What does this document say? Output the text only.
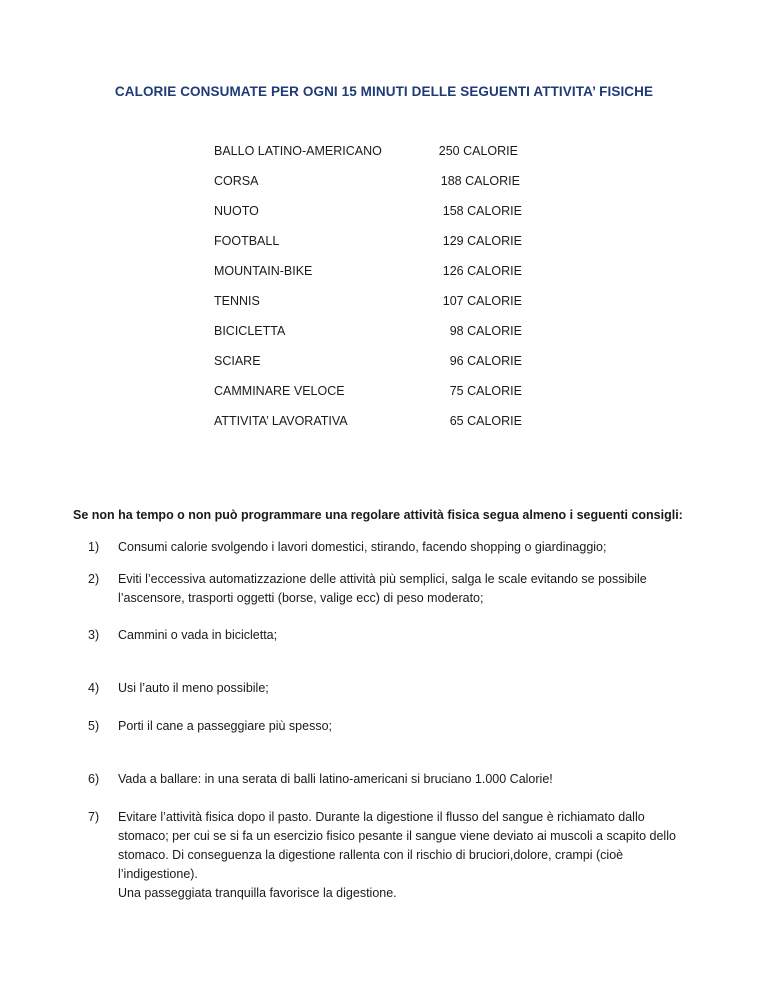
CALORIE CONSUMATE PER OGNI 15 MINUTI DELLE SEGUENTI ATTIVITA’ FISICHE
BALLO LATINO-AMERICANO	250 CALORIE
CORSA	188 CALORIE
NUOTO	158 CALORIE
FOOTBALL	129 CALORIE
MOUNTAIN-BIKE	126 CALORIE
TENNIS	107 CALORIE
BICICLETTA	98 CALORIE
SCIARE	96 CALORIE
CAMMINARE VELOCE	75 CALORIE
ATTIVITA’ LAVORATIVA	65 CALORIE
Se non ha tempo o non può programmare una regolare attività fisica segua almeno i seguenti consigli:
1) Consumi calorie svolgendo i lavori domestici, stirando, facendo shopping o giardinaggio;
2) Eviti l’eccessiva automatizzazione delle attività più semplici, salga le scale evitando se possibile
l’ascensore, trasporti oggetti (borse, valige ecc) di peso moderato;
3) Cammini o vada in bicicletta;
4) Usi l’auto il meno possibile;
5) Porti il cane a passeggiare più spesso;
6) Vada a ballare: in una serata di balli latino-americani si bruciano 1.000 Calorie!
7) Evitare l’attività fisica dopo il pasto. Durante la digestione il flusso del sangue è richiamato dallo
stomaco; per cui se si fa un esercizio fisico pesante il sangue viene deviato ai muscoli a scapito dello
stomaco. Di conseguenza la digestione rallenta con il rischio di bruciori,dolore, crampi (cioè
l’indigestione).
Una passeggiata tranquilla favorisce la digestione.
